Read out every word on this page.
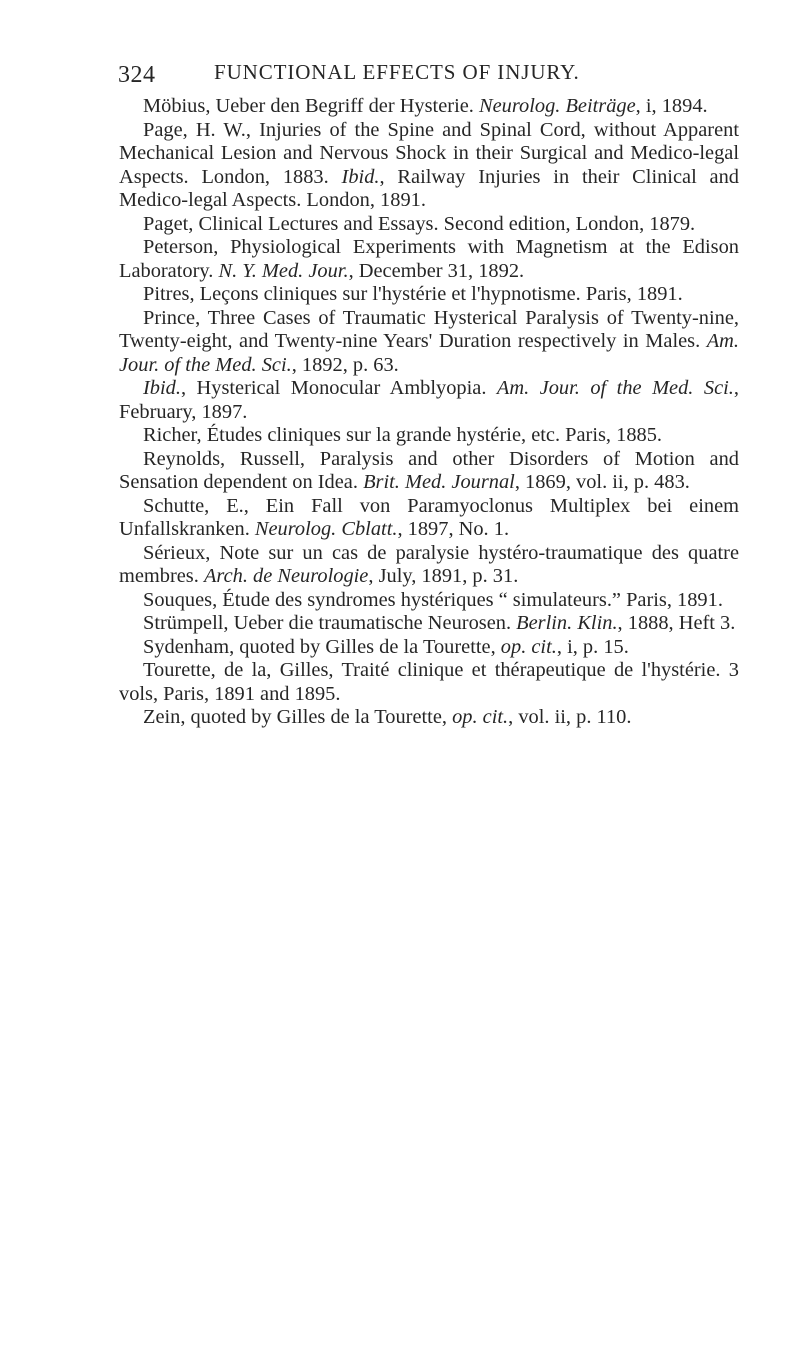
324	FUNCTIONAL EFFECTS OF INJURY.

Möbius, Ueber den Begriff der Hysterie. Neurolog. Beiträge, i, 1894.

Page, H. W., Injuries of the Spine and Spinal Cord, without Apparent Mechanical Lesion and Nervous Shock in their Surgical and Medico-legal Aspects. London, 1883. Ibid., Railway Injuries in their Clinical and Medico-legal Aspects. London, 1891.

Paget, Clinical Lectures and Essays. Second edition, London, 1879.

Peterson, Physiological Experiments with Magnetism at the Edison Laboratory. N. Y. Med. Jour., December 31, 1892.

Pitres, Leçons cliniques sur l'hystérie et l'hypnotisme. Paris, 1891.

Prince, Three Cases of Traumatic Hysterical Paralysis of Twenty-nine, Twenty-eight, and Twenty-nine Years' Duration respectively in Males. Am. Jour. of the Med. Sci., 1892, p. 63.

Ibid., Hysterical Monocular Amblyopia. Am. Jour. of the Med. Sci., February, 1897.

Richer, Études cliniques sur la grande hystérie, etc. Paris, 1885.

Reynolds, Russell, Paralysis and other Disorders of Motion and Sensation dependent on Idea. Brit. Med. Journal, 1869, vol. ii, p. 483.

Schutte, E., Ein Fall von Paramyoclonus Multiplex bei einem Unfallskranken. Neurolog. Cblatt., 1897, No. 1.

Sérieux, Note sur un cas de paralysie hystéro-traumatique des quatre membres. Arch. de Neurologie, July, 1891, p. 31.

Souques, Étude des syndromes hystériques “ simulateurs.” Paris, 1891.

Strümpell, Ueber die traumatische Neurosen. Berlin. Klin., 1888, Heft 3.

Sydenham, quoted by Gilles de la Tourette, op. cit., i, p. 15.

Tourette, de la, Gilles, Traité clinique et thérapeutique de l'hystérie. 3 vols, Paris, 1891 and 1895.

Zein, quoted by Gilles de la Tourette, op. cit., vol. ii, p. 110.
